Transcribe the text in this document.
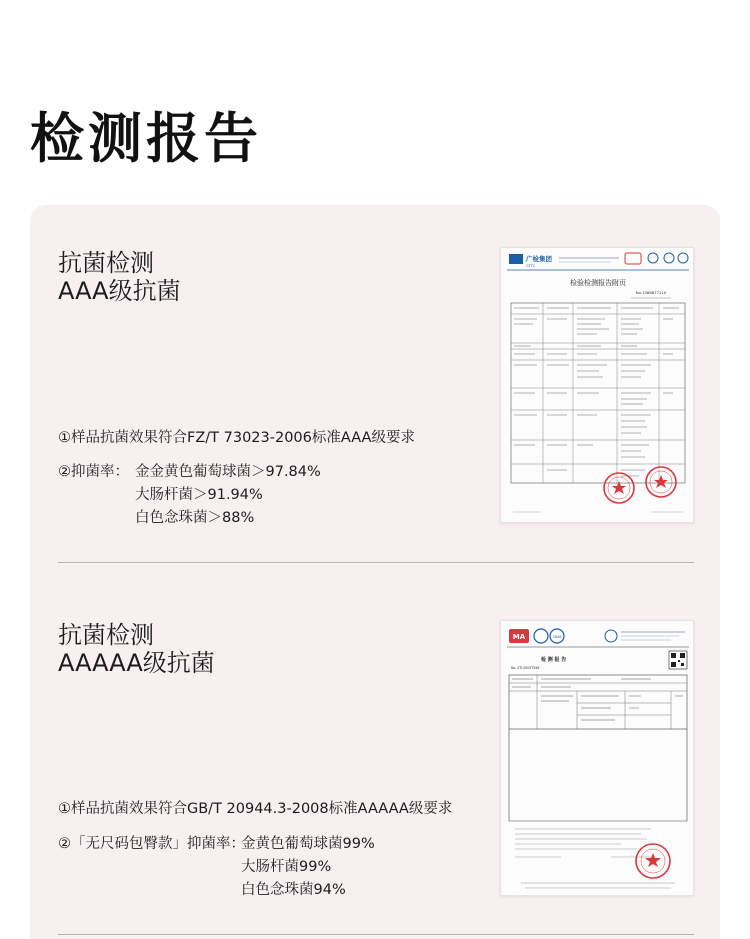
检测报告
抗菌检测
AAA级抗菌
①样品抗菌效果符合FZ/T 73023-2006标准AAA级要求
②抑菌率： 金金黄色葡萄球菌＞97.84%
大肠杆菌＞91.94%
白色念珠菌＞88%
广检集团
GTTC
检验检测报告附页
No.1586877110
抗菌检测
AAAAA级抗菌
①样品抗菌效果符合GB/T 20944.3-2008标准AAAAA级要求
②「无尺码包臀款」抑菌率：
金黄色葡萄球菌99%
大肠杆菌99%
白色念珠菌94%
MA	CNAS
检 测 报 告
No. ZTL2003TS98
